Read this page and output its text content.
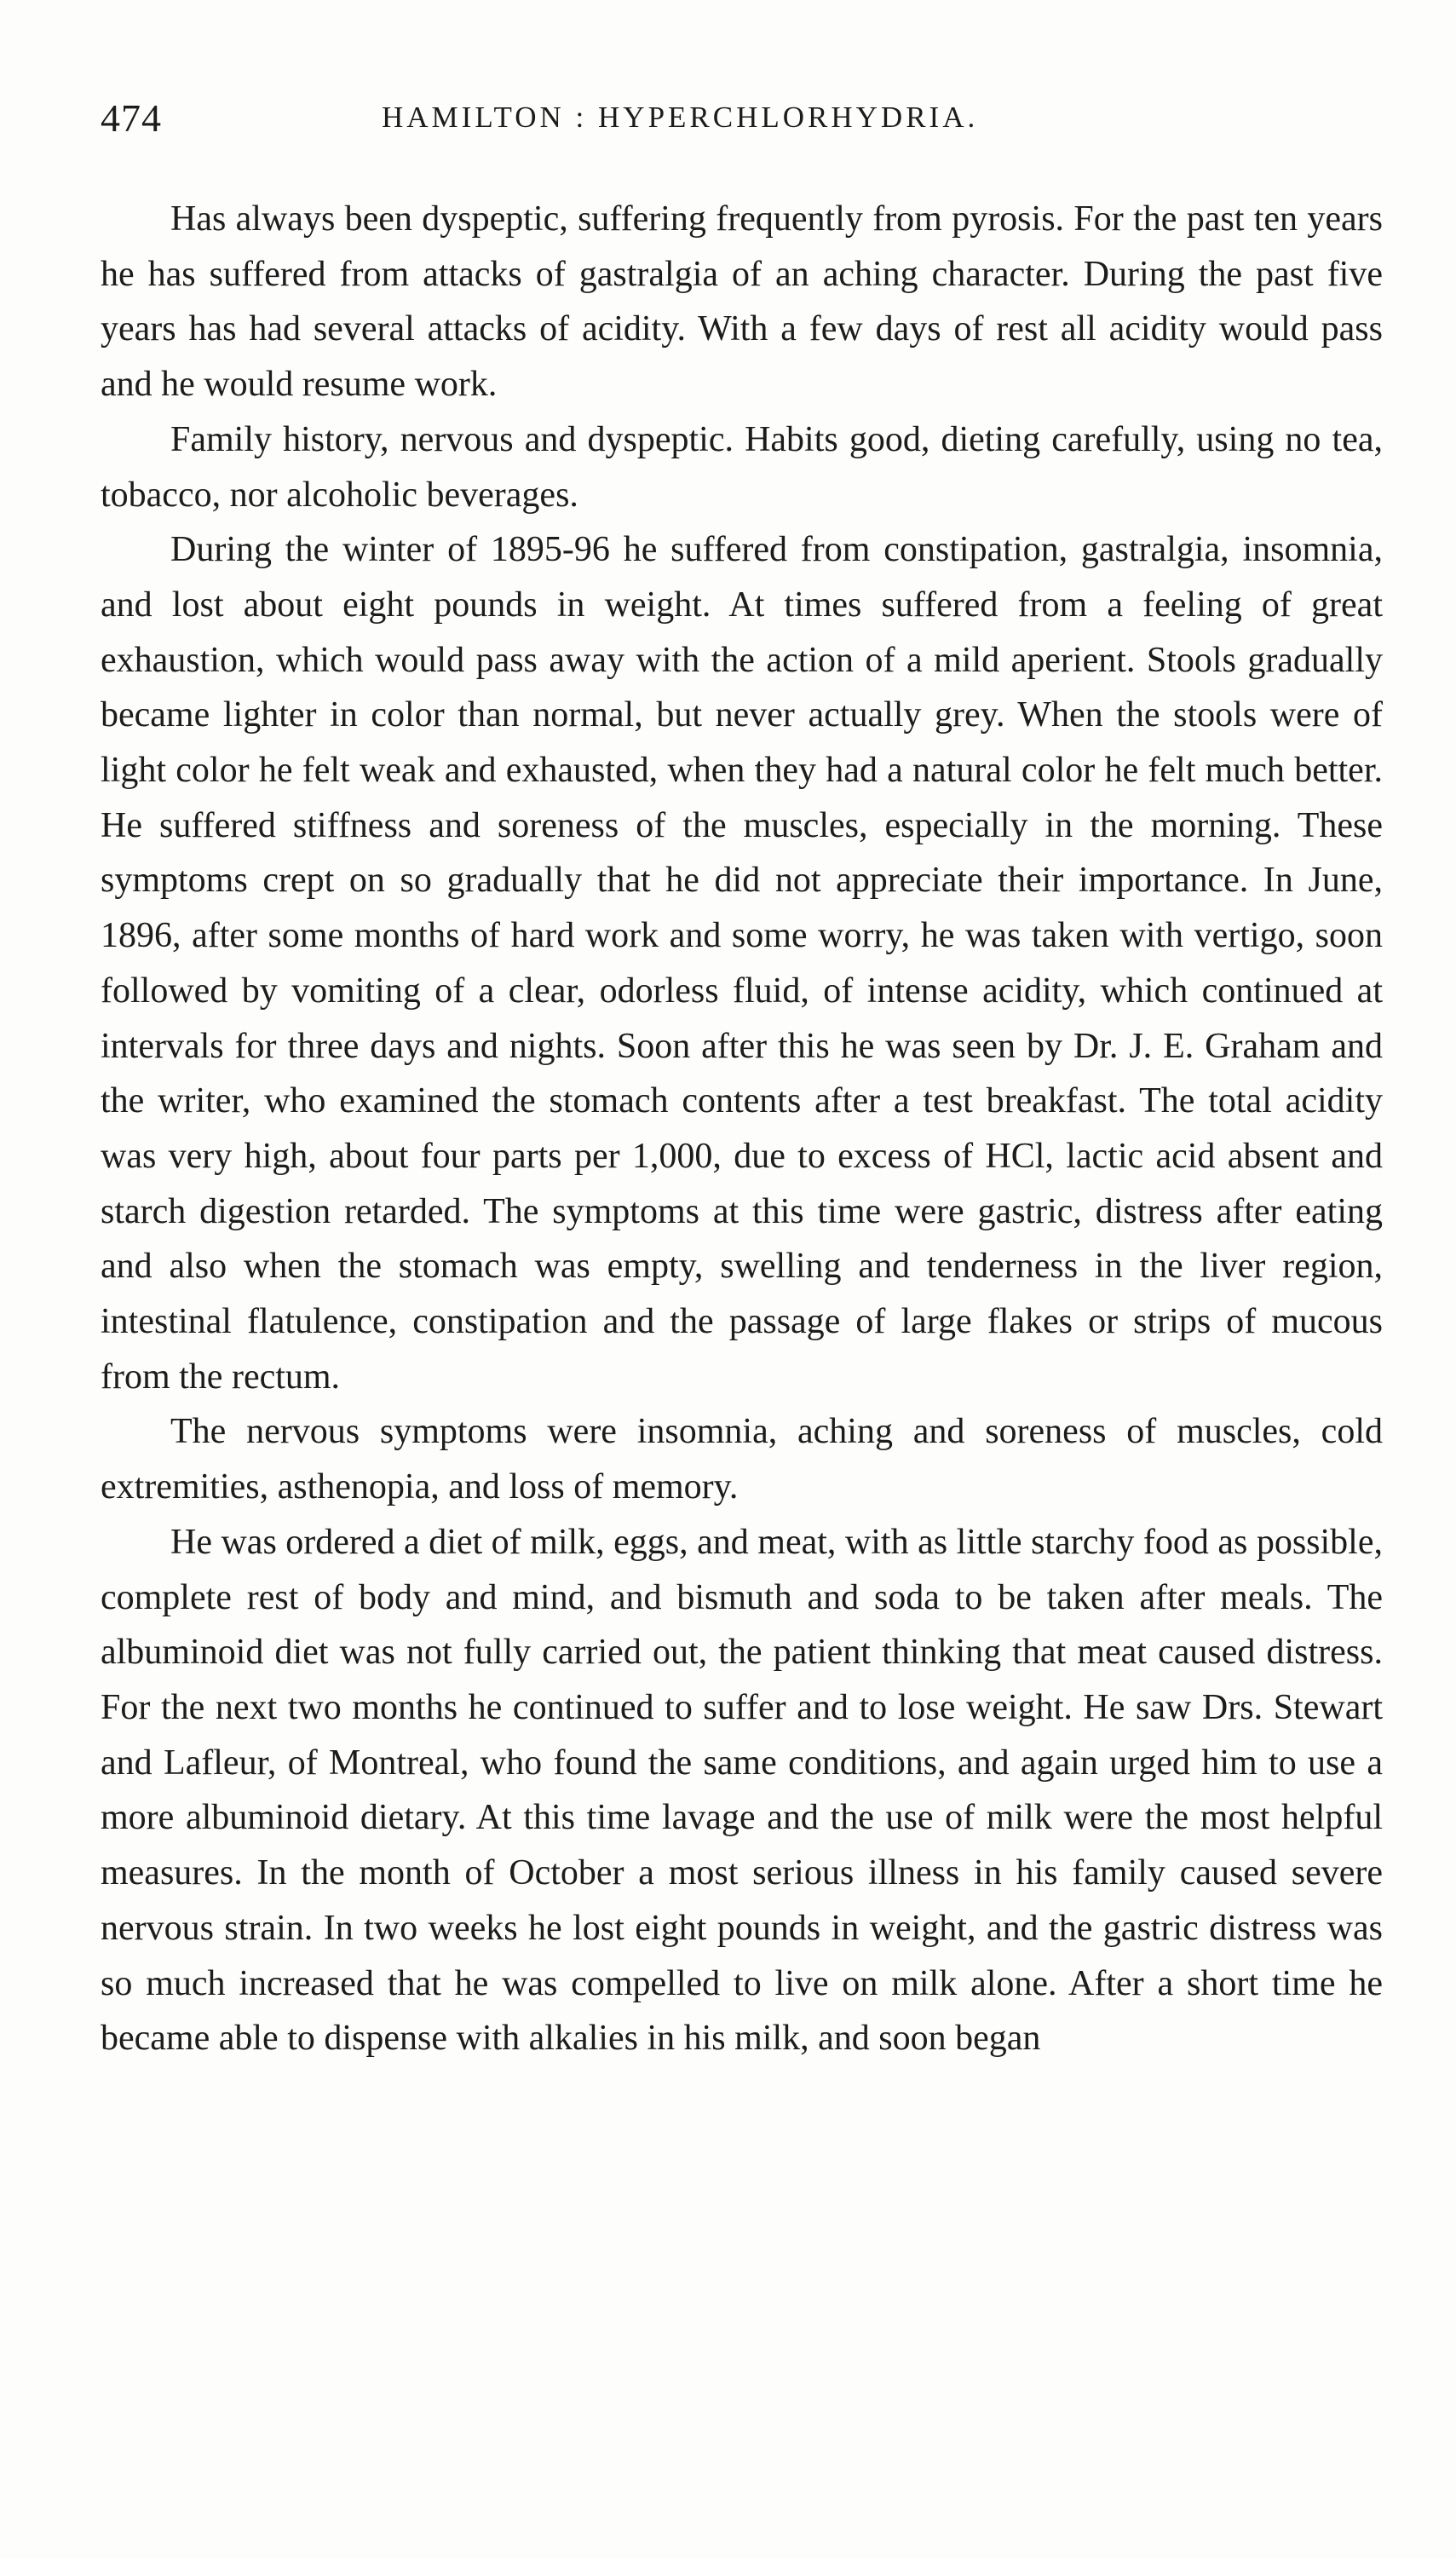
474	HAMILTON : HYPERCHLORHYDRIA.

Has always been dyspeptic, suffering frequently from pyrosis. For the past ten years he has suffered from attacks of gastralgia of an aching character. During the past five years has had several attacks of acidity. With a few days of rest all acidity would pass and he would resume work.

Family history, nervous and dyspeptic. Habits good, dieting carefully, using no tea, tobacco, nor alcoholic beverages.

During the winter of 1895-96 he suffered from constipation, gastralgia, insomnia, and lost about eight pounds in weight. At times suffered from a feeling of great exhaustion, which would pass away with the action of a mild aperient. Stools gradually became lighter in color than normal, but never actually grey. When the stools were of light color he felt weak and exhausted, when they had a natural color he felt much better. He suffered stiffness and soreness of the muscles, especially in the morning. These symptoms crept on so gradually that he did not appreciate their importance. In June, 1896, after some months of hard work and some worry, he was taken with vertigo, soon followed by vomiting of a clear, odorless fluid, of intense acidity, which continued at intervals for three days and nights. Soon after this he was seen by Dr. J. E. Graham and the writer, who examined the stomach contents after a test breakfast. The total acidity was very high, about four parts per 1,000, due to excess of HCl, lactic acid absent and starch digestion retarded. The symptoms at this time were gastric, distress after eating and also when the stomach was empty, swelling and tenderness in the liver region, intestinal flatulence, constipation and the passage of large flakes or strips of mucous from the rectum.

The nervous symptoms were insomnia, aching and soreness of muscles, cold extremities, asthenopia, and loss of memory.

He was ordered a diet of milk, eggs, and meat, with as little starchy food as possible, complete rest of body and mind, and bismuth and soda to be taken after meals. The albuminoid diet was not fully carried out, the patient thinking that meat caused distress. For the next two months he continued to suffer and to lose weight. He saw Drs. Stewart and Lafleur, of Montreal, who found the same conditions, and again urged him to use a more albuminoid dietary. At this time lavage and the use of milk were the most helpful measures. In the month of October a most serious illness in his family caused severe nervous strain. In two weeks he lost eight pounds in weight, and the gastric distress was so much increased that he was compelled to live on milk alone. After a short time he became able to dispense with alkalies in his milk, and soon began
